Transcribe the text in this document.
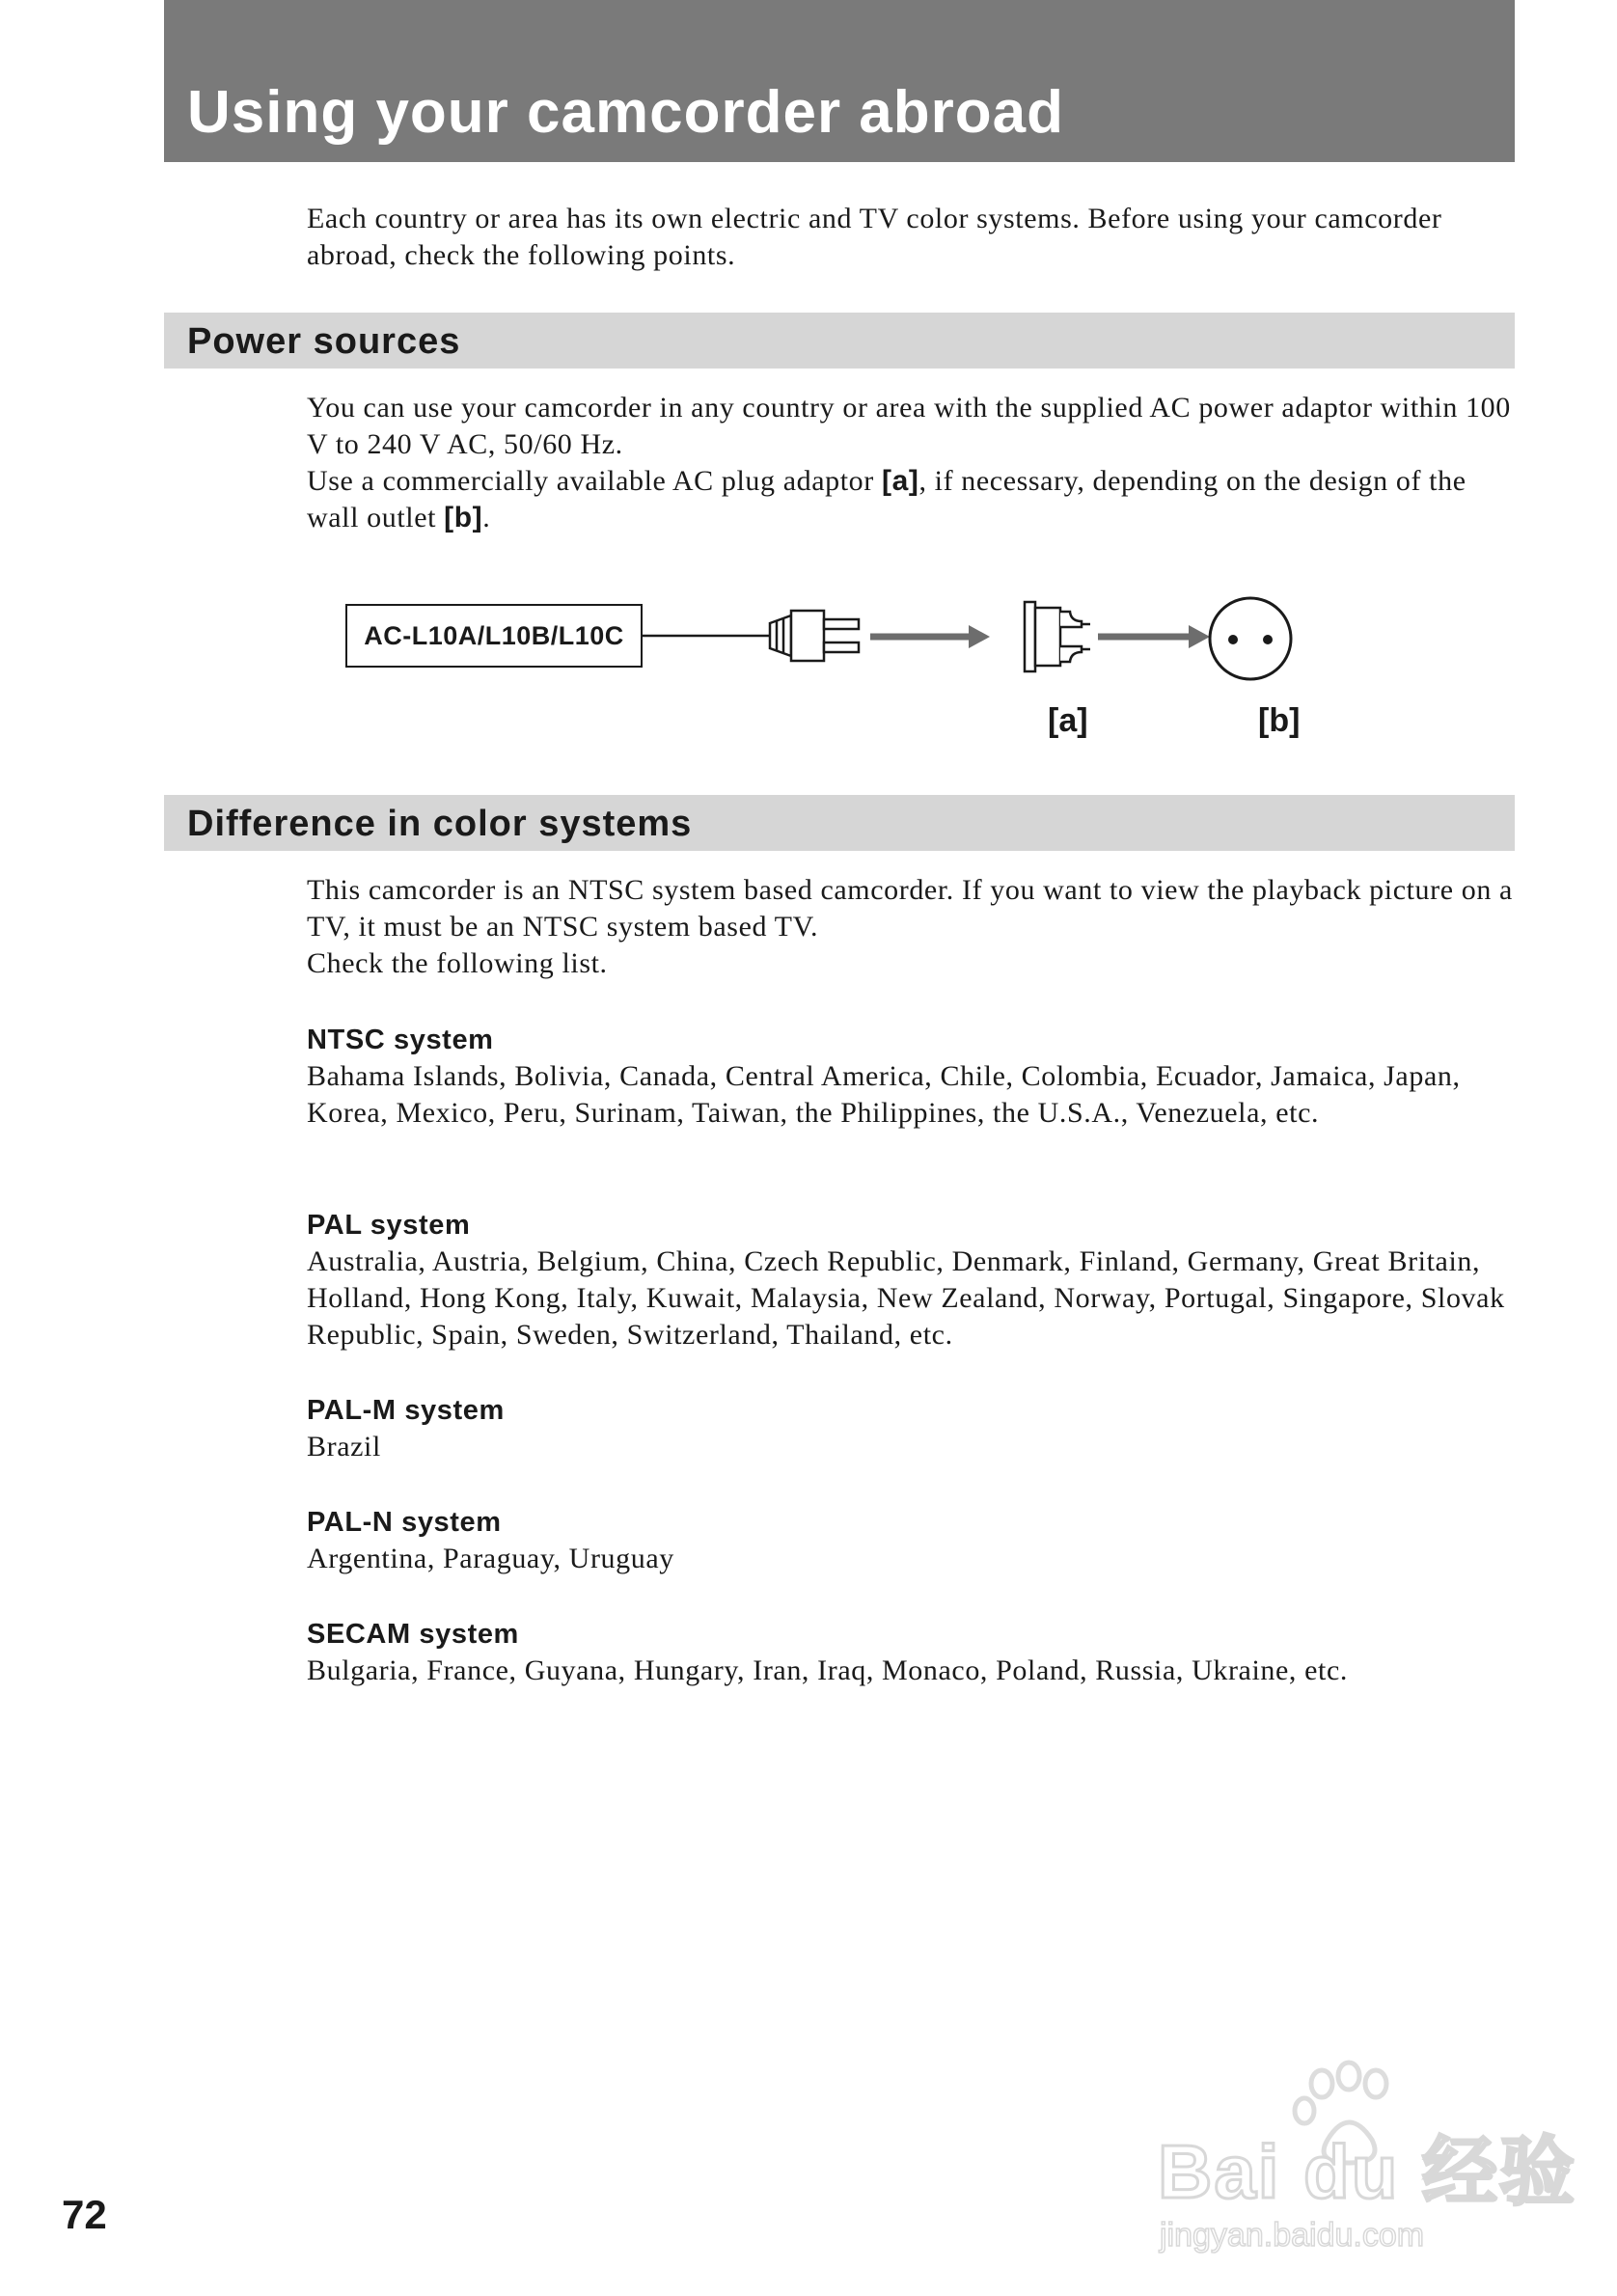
Using your camcorder abroad

Each country or area has its own electric and TV color systems. Before using your camcorder abroad, check the following points.

Power sources

You can use your camcorder in any country or area with the supplied AC power adaptor within 100 V to 240 V AC, 50/60 Hz.

Use a commercially available AC plug adaptor [a], if necessary, depending on the design of the wall outlet [b].

AC-L10A/L10B/L10C
[a]	[b]
Difference in color systems

This camcorder is an NTSC system based camcorder. If you want to view the playback picture on a TV, it must be an NTSC system based TV.

Check the following list.

NTSC system
Bahama Islands, Bolivia, Canada, Central America, Chile, Colombia, Ecuador, Jamaica, Japan, Korea, Mexico, Peru, Surinam, Taiwan, the Philippines, the U.S.A., Venezuela, etc.
PAL system
Australia, Austria, Belgium, China, Czech Republic, Denmark, Finland, Germany, Great Britain, Holland, Hong Kong, Italy, Kuwait, Malaysia, New Zealand, Norway, Portugal, Singapore, Slovak Republic, Spain, Sweden, Switzerland, Thailand, etc.
PAL-M system
Brazil
PAL-N system
Argentina, Paraguay, Uruguay
SECAM system
Bulgaria, France, Guyana, Hungary, Iran, Iraq, Monaco, Poland, Russia, Ukraine, etc.
72
Bai du 经验
jingyan.baidu.com
